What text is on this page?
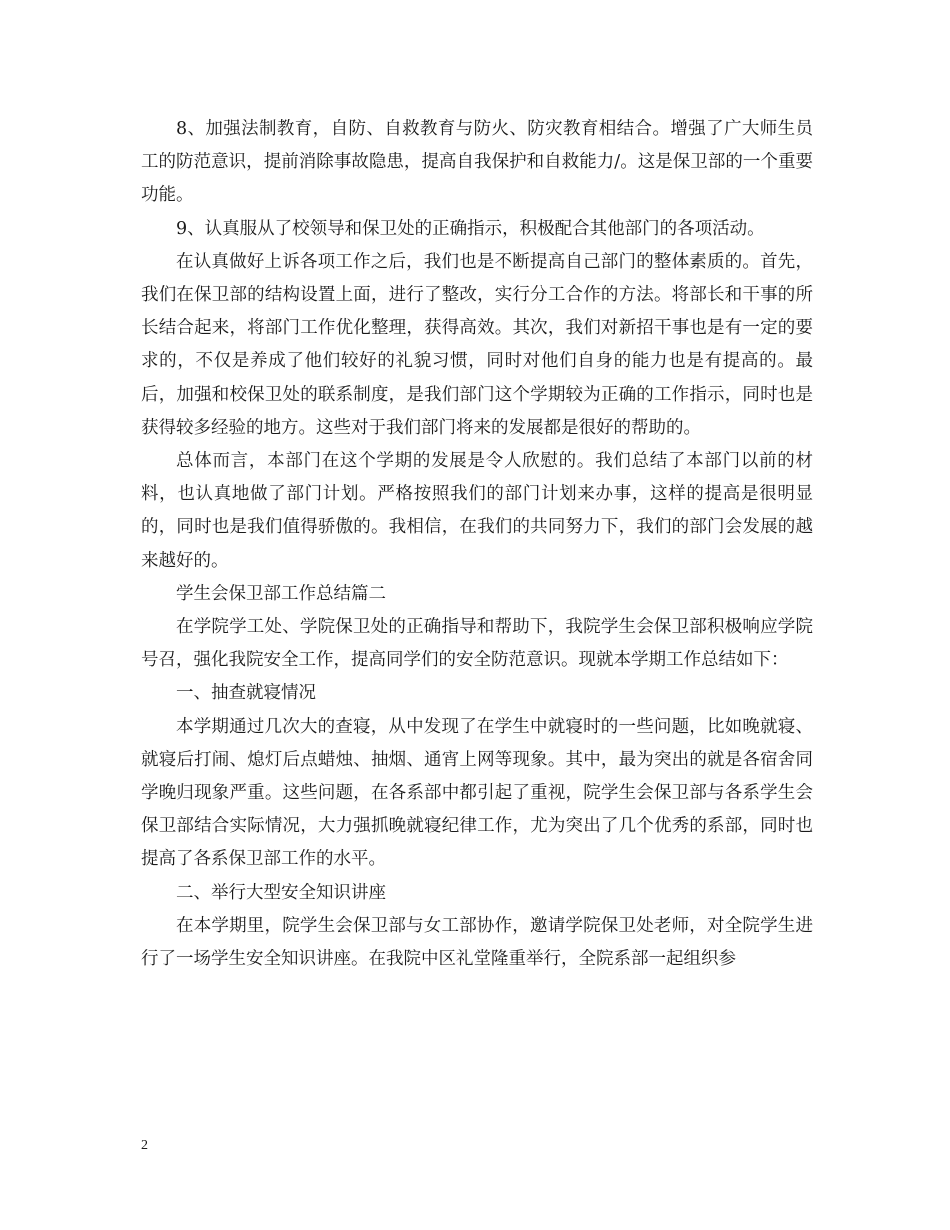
8、加强法制教育，自防、自救教育与防火、防灾教育相结合。增强了广大师生员工的防范意识，提前消除事故隐患，提高自我保护和自救能力/。这是保卫部的一个重要功能。

9、认真服从了校领导和保卫处的正确指示，积极配合其他部门的各项活动。

在认真做好上诉各项工作之后，我们也是不断提高自己部门的整体素质的。首先，我们在保卫部的结构设置上面，进行了整改，实行分工合作的方法。将部长和干事的所长结合起来，将部门工作优化整理，获得高效。其次，我们对新招干事也是有一定的要求的，不仅是养成了他们较好的礼貌习惯，同时对他们自身的能力也是有提高的。最后，加强和校保卫处的联系制度，是我们部门这个学期较为正确的工作指示，同时也是获得较多经验的地方。这些对于我们部门将来的发展都是很好的帮助的。

总体而言，本部门在这个学期的发展是令人欣慰的。我们总结了本部门以前的材料，也认真地做了部门计划。严格按照我们的部门计划来办事，这样的提高是很明显的，同时也是我们值得骄傲的。我相信，在我们的共同努力下，我们的部门会发展的越来越好的。

学生会保卫部工作总结篇二

在学院学工处、学院保卫处的正确指导和帮助下，我院学生会保卫部积极响应学院号召，强化我院安全工作，提高同学们的安全防范意识。现就本学期工作总结如下：

一、抽查就寝情况

本学期通过几次大的查寝，从中发现了在学生中就寝时的一些问题，比如晚就寝、就寝后打闹、熄灯后点蜡烛、抽烟、通宵上网等现象。其中，最为突出的就是各宿舍同学晚归现象严重。这些问题，在各系部中都引起了重视，院学生会保卫部与各系学生会保卫部结合实际情况，大力强抓晚就寝纪律工作，尤为突出了几个优秀的系部，同时也提高了各系保卫部工作的水平。

二、举行大型安全知识讲座

在本学期里，院学生会保卫部与女工部协作，邀请学院保卫处老师，对全院学生进行了一场学生安全知识讲座。在我院中区礼堂隆重举行，全院系部一起组织参

2
